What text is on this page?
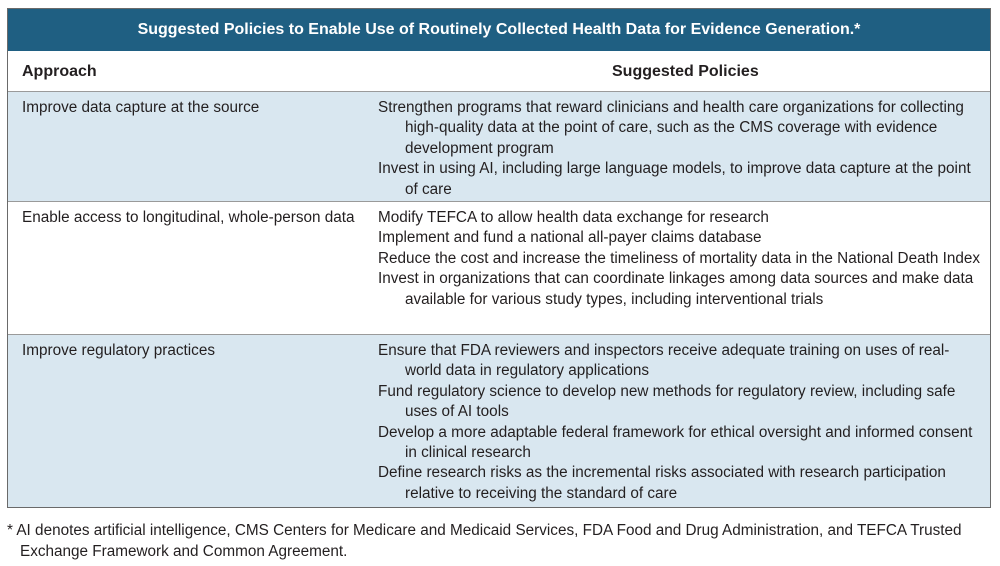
Suggested Policies to Enable Use of Routinely Collected Health Data for Evidence Generation.*
Approach	Suggested Policies
Improve data capture at the source	Strengthen programs that reward clinicians and health care organizations for collecting high-quality data at the point of care, such as the CMS coverage with evidence development program
Invest in using AI, including large language models, to improve data capture at the point of care
Enable access to longitudinal, whole-person data	Modify TEFCA to allow health data exchange for research
Implement and fund a national all-payer claims database
Reduce the cost and increase the timeliness of mortality data in the National Death Index
Invest in organizations that can coordinate linkages among data sources and make data available for various study types, including interventional trials
Improve regulatory practices	Ensure that FDA reviewers and inspectors receive adequate training on uses of real-world data in regulatory applications
Fund regulatory science to develop new methods for regulatory review, including safe uses of AI tools
Develop a more adaptable federal framework for ethical oversight and informed consent in clinical research
Define research risks as the incremental risks associated with research participation relative to receiving the standard of care
* AI denotes artificial intelligence, CMS Centers for Medicare and Medicaid Services, FDA Food and Drug Administration, and TEFCA Trusted Exchange Framework and Common Agreement.
